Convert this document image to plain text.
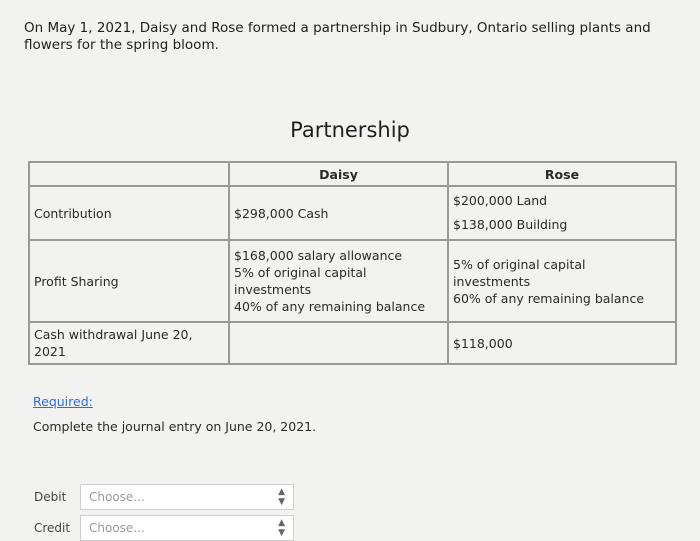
On May 1, 2021, Daisy and Rose formed a partnership in Sudbury, Ontario selling plants and
flowers for the spring bloom.
Partnership
	Daisy	Rose
Contribution	$298,000 Cash	$200,000 Land
$138,000 Building

Profit Sharing	$168,000 salary allowance
5% of original capital
investments
40% of any remaining balance	5% of original capital
investments
60% of any remaining balance

Cash withdrawal June 20,
2021		$118,000
Required:
Complete the journal entry on June 20, 2021.
Debit	Choose...	▲
▼
Credit	Choose...	▲
▼
